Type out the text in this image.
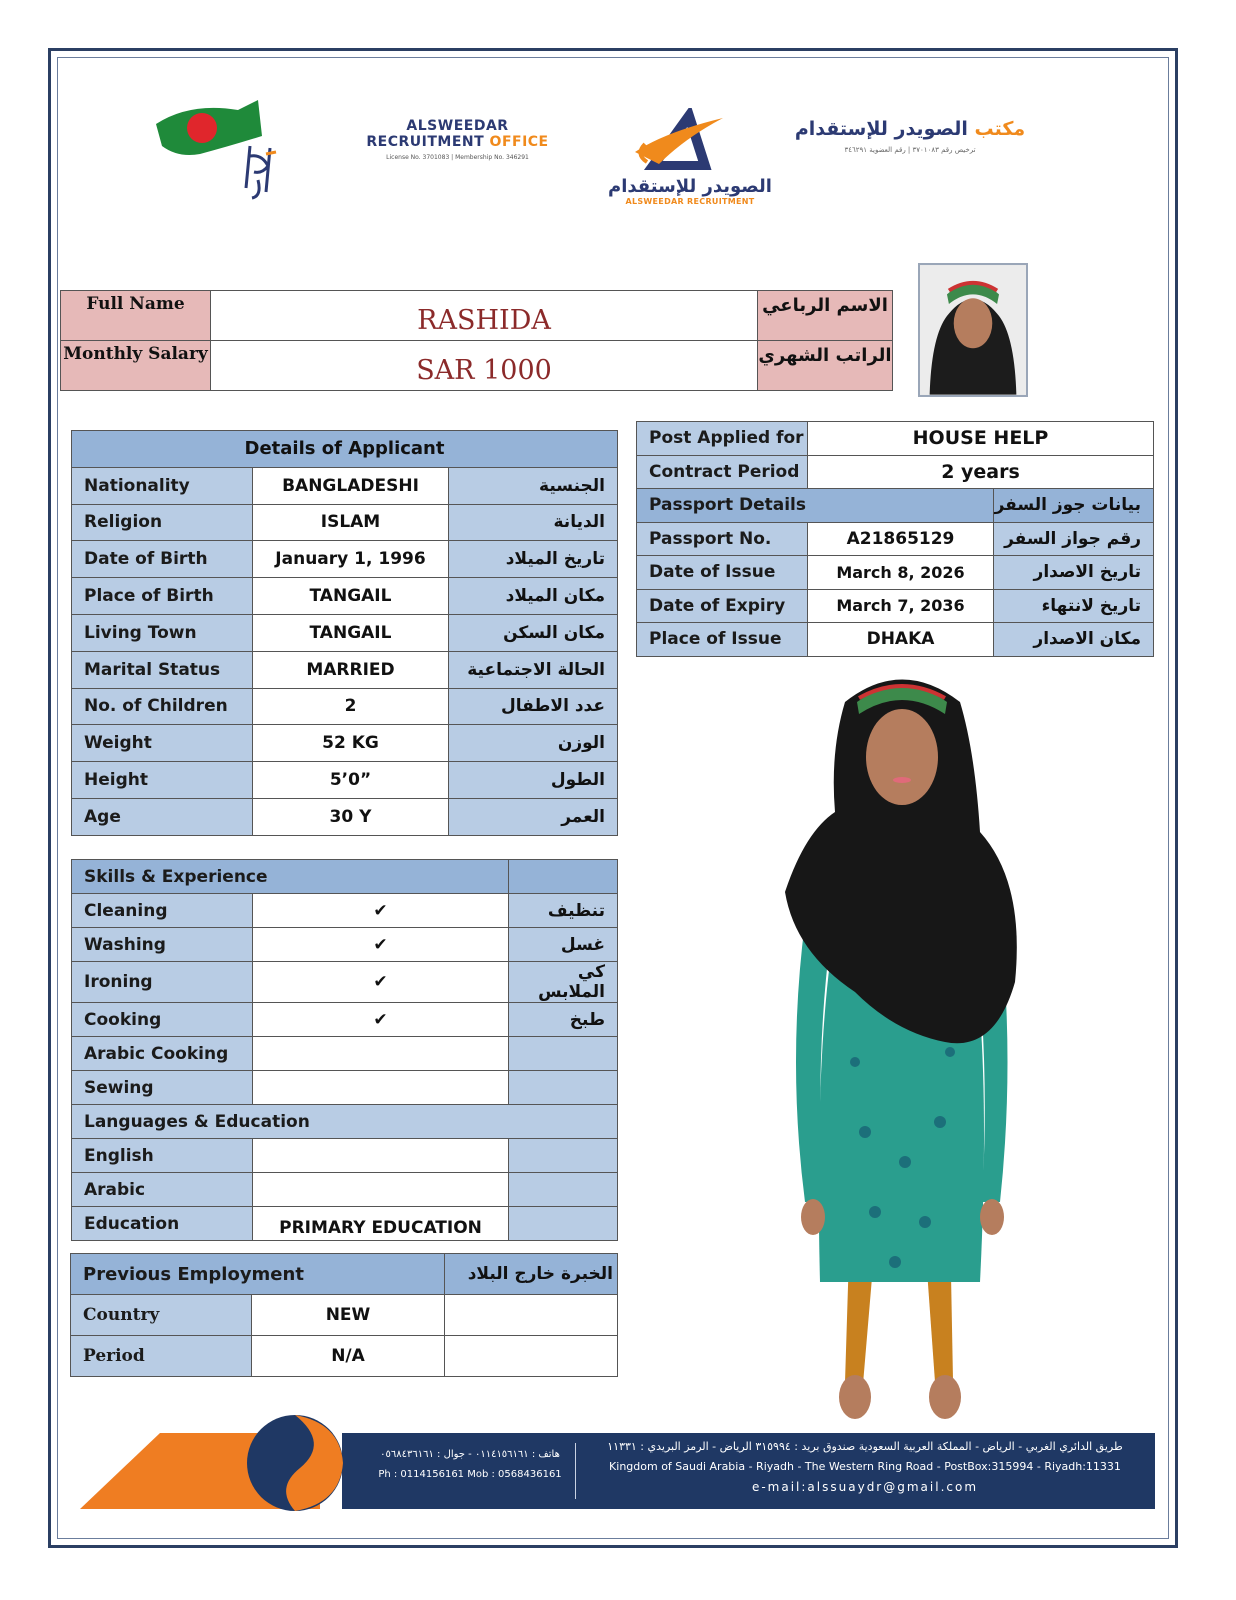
ALSWEEDAR
RECRUITMENT OFFICE
License No. 3701083 | Membership No. 346291
الصويدر للإستقدام
ALSWEEDAR RECRUITMENT
مكتب الصويدر للإستقدام
ترخيص رقم ٣٧٠١٠٨٣ | رقم العضوية ٣٤٦٢٩١
Full Name	RASHIDA	الاسم الرباعي
Monthly Salary	SAR 1000	الراتب الشهري
Details of Applicant		
Nationality	BANGLADESHI	الجنسية
Religion	ISLAM	الديانة
Date of Birth	January 1, 1996	تاريخ الميلاد
Place of Birth	TANGAIL	مكان الميلاد
Living Town	TANGAIL	مكان السكن
Marital Status	MARRIED	الحالة الاجتماعية
No. of Children	2	عدد الاطفال
Weight	52 KG	الوزن
Height	5’0”	الطول
Age	30 Y	العمر
Skills & Experience		
Cleaning	✔	تنظيف
Washing	✔	غسل
Ironing	✔	كي الملابس
Cooking	✔	طبخ
Arabic Cooking		
Sewing		
Languages & Education		
English		
Arabic		
Education	PRIMARY EDUCATION	
Previous Employment		الخبرة خارج البلاد
Country	NEW	
Period	N/A	
Post Applied for	HOUSE HELP	
Contract Period	2 years	
Passport Details		بيانات جوز السفر
Passport No.	A21865129	رقم جواز السفر
Date of Issue	March 8, 2026	تاريخ الاصدار
Date of Expiry	March 7, 2036	تاريخ لانتهاء
Place of Issue	DHAKA	مكان الاصدار
هاتف : ٠١١٤١٥٦١٦١ - جوال : ٠٥٦٨٤٣٦١٦١
Ph : 0114156161 Mob : 0568436161
طريق الدائري الغربي - الرياض - المملكة العربية السعودية صندوق بريد : ٣١٥٩٩٤ الرياض - الرمز البريدي : ١١٣٣١
Kingdom of Saudi Arabia - Riyadh - The Western Ring Road - PostBox:315994 - Riyadh:11331
e-mail:alssuaydr@gmail.com
